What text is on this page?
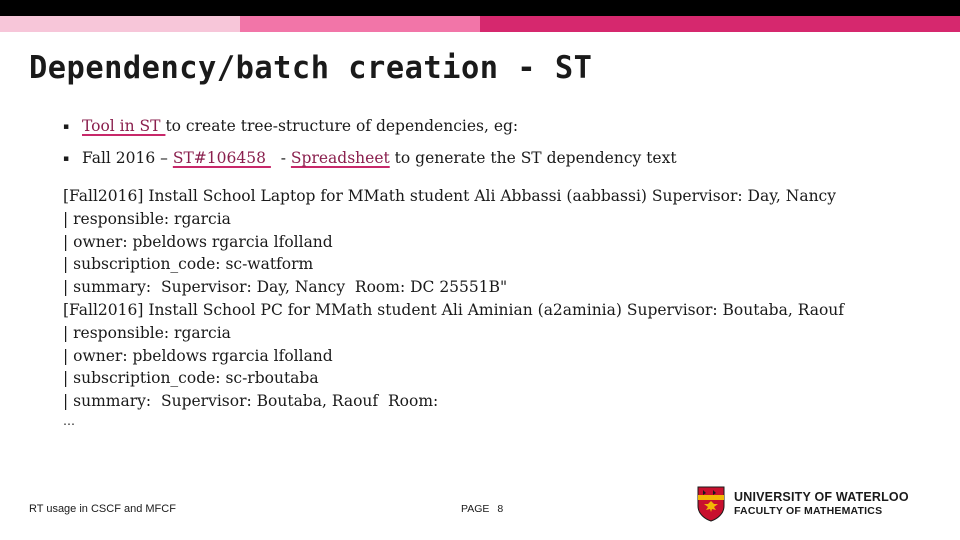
Dependency/batch creation - ST
▪ Tool in ST to create tree-structure of dependencies, eg:
▪ Fall 2016 – ST#106458   - Spreadsheet to generate the ST dependency text
[Fall2016] Install School Laptop for MMath student Ali Abbassi (aabbassi) Supervisor: Day, Nancy
| responsible: rgarcia
| owner: pbeldows rgarcia lfolland
| subscription_code: sc-watform
| summary:  Supervisor: Day, Nancy  Room: DC 25551B"
[Fall2016] Install School PC for MMath student Ali Aminian (a2aminia) Supervisor: Boutaba, Raouf
| responsible: rgarcia
| owner: pbeldows rgarcia lfolland
| subscription_code: sc-rboutaba
| summary:  Supervisor: Boutaba, Raouf  Room:
…
RT usage in CSCF and MFCF	PAGE 8
UNIVERSITY OF WATERLOO
FACULTY OF MATHEMATICS
